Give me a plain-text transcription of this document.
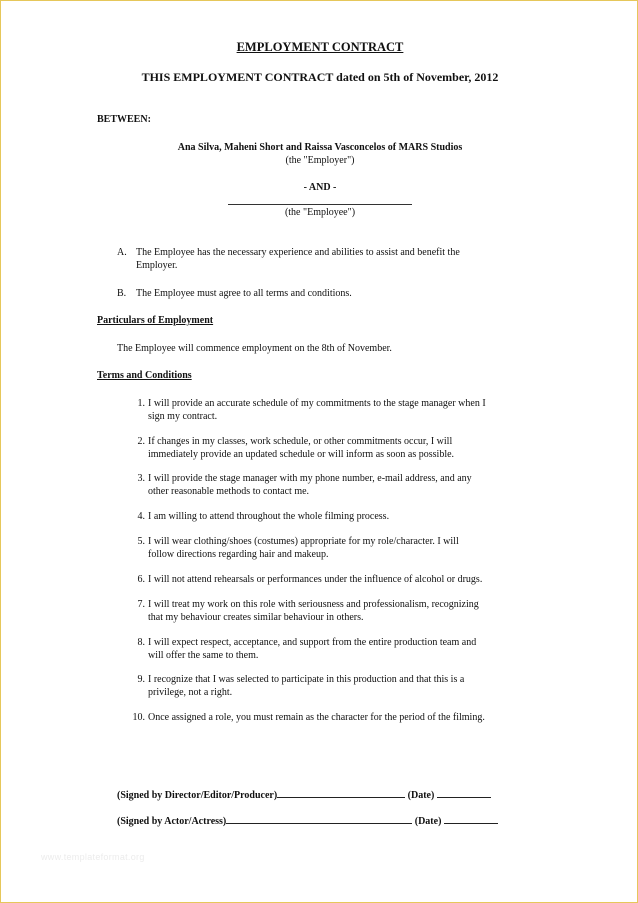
EMPLOYMENT CONTRACT
THIS EMPLOYMENT CONTRACT dated on 5th of November, 2012
BETWEEN:
Ana Silva, Maheni Short and Raissa Vasconcelos of MARS Studios
(the "Employer")
- AND -
(the "Employee")
A. The Employee has the necessary experience and abilities to assist and benefit the
Employer.
B. The Employee must agree to all terms and conditions.
Particulars of Employment
The Employee will commence employment on the 8th of November.
Terms and Conditions
1. I will provide an accurate schedule of my commitments to the stage manager when I
sign my contract.
2. If changes in my classes, work schedule, or other commitments occur, I will
immediately provide an updated schedule or will inform as soon as possible.
3. I will provide the stage manager with my phone number, e-mail address, and any
other reasonable methods to contact me.
4. I am willing to attend throughout the whole filming process.
5. I will wear clothing/shoes (costumes) appropriate for my role/character. I will
follow directions regarding hair and makeup.
6. I will not attend rehearsals or performances under the influence of alcohol or drugs.
7. I will treat my work on this role with seriousness and professionalism, recognizing
that my behaviour creates similar behaviour in others.
8. I will expect respect, acceptance, and support from the entire production team and
will offer the same to them.
9. I recognize that I was selected to participate in this production and that this is a
privilege, not a right.
10. Once assigned a role, you must remain as the character for the period of the filming.
(Signed by Director/Editor/Producer)	(Date)
(Signed by Actor/Actress)	(Date)
www.templateformat.org
